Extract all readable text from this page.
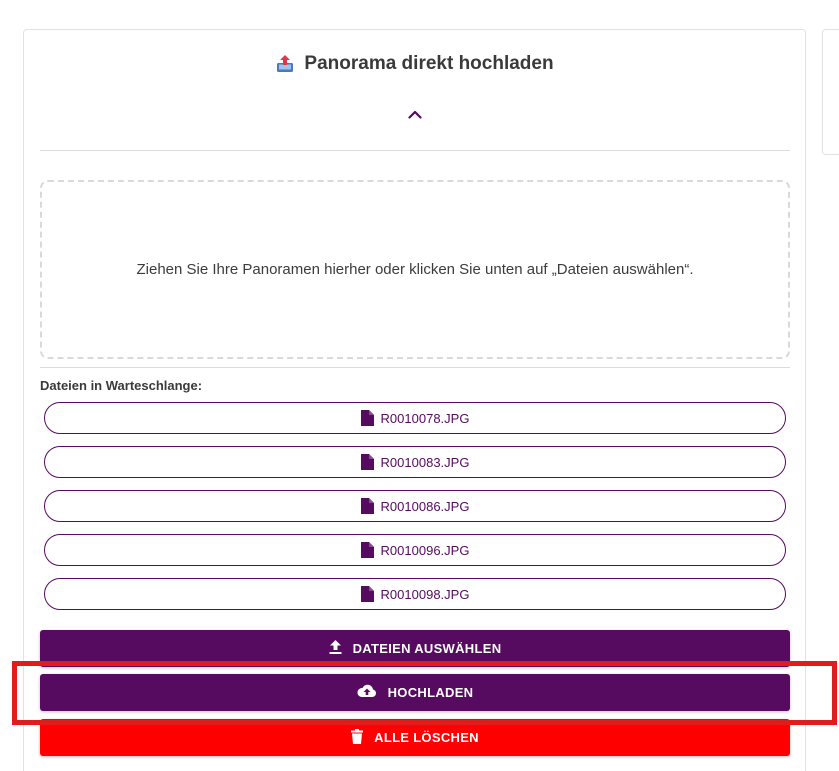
Panorama direkt hochladen
Ziehen Sie Ihre Panoramen hierher oder klicken Sie unten auf „Dateien auswählen“.
Dateien in Warteschlange:
R0010078.JPG
R0010083.JPG
R0010086.JPG
R0010096.JPG
R0010098.JPG
DATEIEN AUSWÄHLEN
HOCHLADEN
ALLE LÖSCHEN
